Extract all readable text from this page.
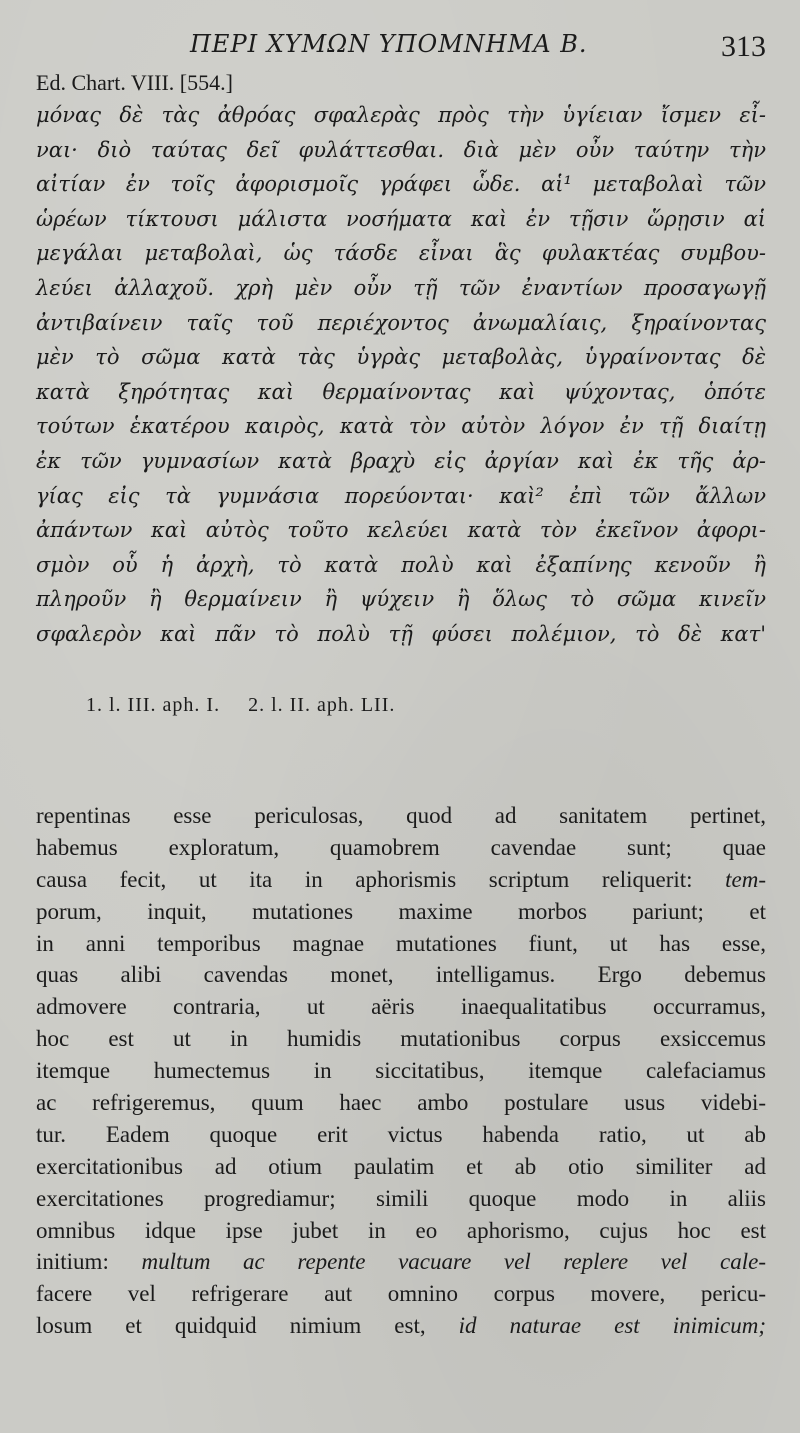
ΠΕΡΙ ΧΥΜΩΝ ΥΠΟΜΝΗΜΑ Β.	313
Ed. Chart. VIII. [554.]
μόνας δὲ τὰς ἀθρόας σφαλερὰς πρὸς τὴν ὑγίειαν ἴσμεν εἶ-
ναι· διὸ ταύτας δεῖ φυλάττεσθαι. διὰ μὲν οὖν ταύτην τὴν
αἰτίαν ἐν τοῖς ἀφορισμοῖς γράφει ὧδε. αἱ¹ μεταβολαὶ τῶν
ὡρέων τίκτουσι μάλιστα νοσήματα καὶ ἐν τῇσιν ὥρῃσιν αἱ
μεγάλαι μεταβολαὶ, ὡς τάσδε εἶναι ἃς φυλακτέας συμβου-
λεύει ἀλλαχοῦ. χρὴ μὲν οὖν τῇ τῶν ἐναντίων προσαγωγῇ
ἀντιβαίνειν ταῖς τοῦ περιέχοντος ἀνωμαλίαις, ξηραίνοντας
μὲν τὸ σῶμα κατὰ τὰς ὑγρὰς μεταβολὰς, ὑγραίνοντας δὲ
κατὰ ξηρότητας καὶ θερμαίνοντας καὶ ψύχοντας, ὁπότε
τούτων ἑκατέρου καιρὸς, κατὰ τὸν αὐτὸν λόγον ἐν τῇ διαίτῃ
ἐκ τῶν γυμνασίων κατὰ βραχὺ εἰς ἀργίαν καὶ ἐκ τῆς ἀρ-
γίας εἰς τὰ γυμνάσια πορεύονται· καὶ² ἐπὶ τῶν ἄλλων
ἀπάντων καὶ αὐτὸς τοῦτο κελεύει κατὰ τὸν ἐκεῖνον ἀφορι-
σμὸν οὗ ἡ ἀρχὴ, τὸ κατὰ πολὺ καὶ ἐξαπίνης κενοῦν ἢ
πληροῦν ἢ θερμαίνειν ἢ ψύχειν ἢ ὅλως τὸ σῶμα κινεῖν
σφαλερὸν καὶ πᾶν τὸ πολὺ τῇ φύσει πολέμιον, τὸ δὲ κατ'
1. l. III. aph. I. 2. l. II. aph. LII.
repentinas esse periculosas, quod ad sanitatem pertinet,
habemus exploratum, quamobrem cavendae sunt; quae
causa fecit, ut ita in aphorismis scriptum reliquerit: tem-
porum, inquit, mutationes maxime morbos pariunt; et
in anni temporibus magnae mutationes fiunt, ut has esse,
quas alibi cavendas monet, intelligamus. Ergo debemus
admovere contraria, ut aëris inaequalitatibus occurramus,
hoc est ut in humidis mutationibus corpus exsiccemus
itemque humectemus in siccitatibus, itemque calefaciamus
ac refrigeremus, quum haec ambo postulare usus videbi-
tur. Eadem quoque erit victus habenda ratio, ut ab
exercitationibus ad otium paulatim et ab otio similiter ad
exercitationes progrediamur; simili quoque modo in aliis
omnibus idque ipse jubet in eo aphorismo, cujus hoc est
initium: multum ac repente vacuare vel replere vel cale-
facere vel refrigerare aut omnino corpus movere, pericu-
losum et quidquid nimium est, id naturae est inimicum;
